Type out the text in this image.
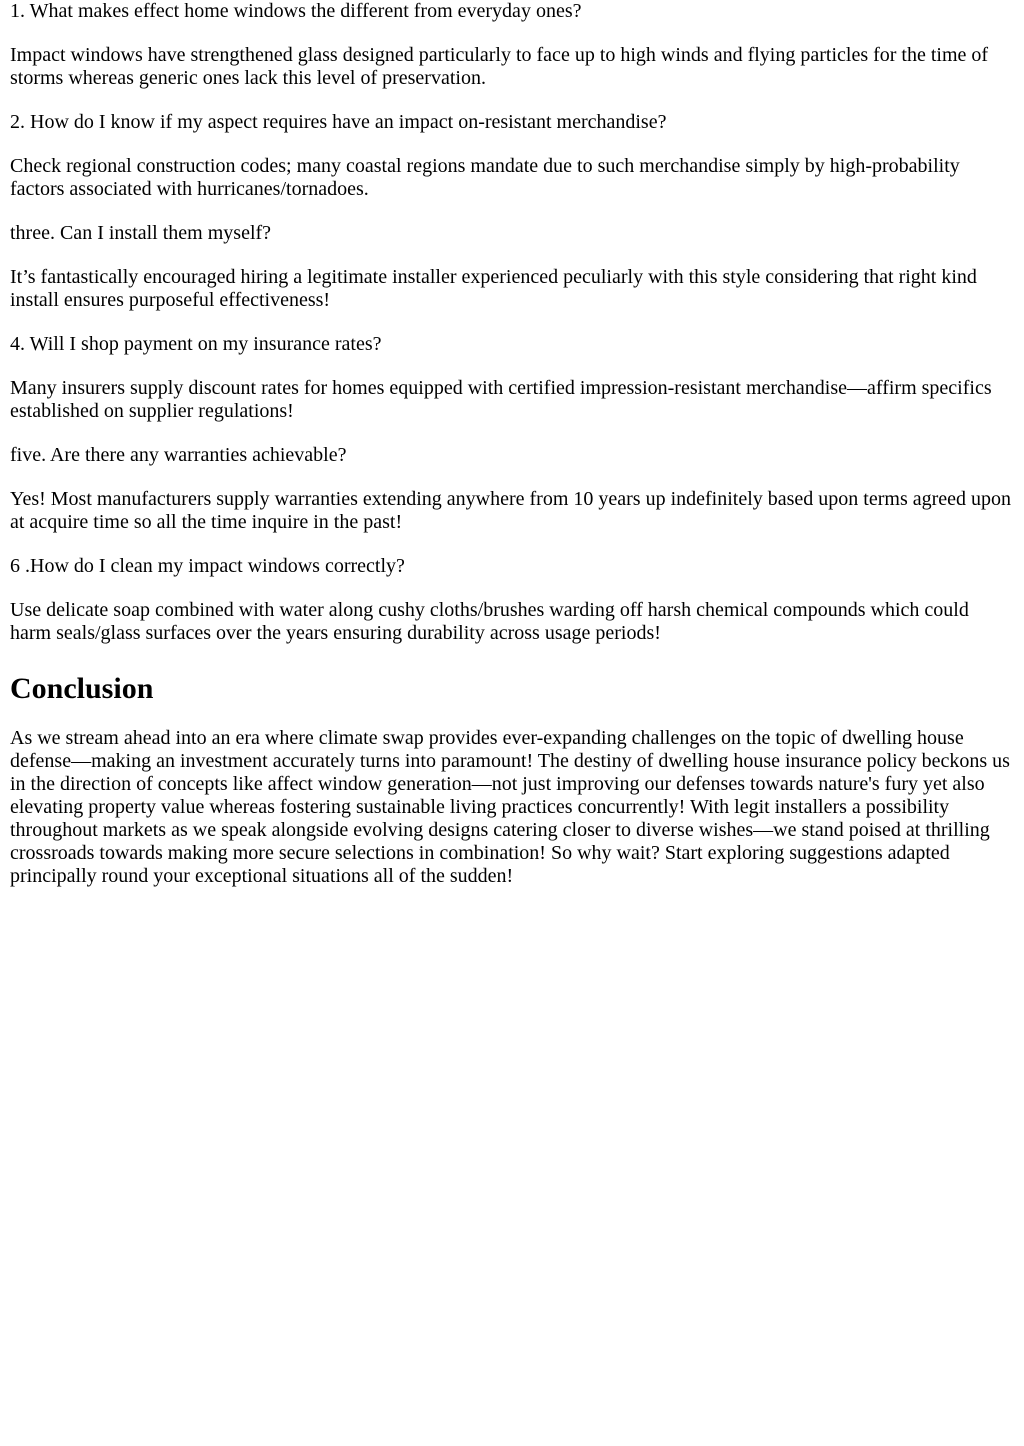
1. What makes effect home windows the different from everyday ones?

Impact windows have strengthened glass designed particularly to face up to high winds and flying particles for the time of storms whereas generic ones lack this level of preservation.

2. How do I know if my aspect requires have an impact on-resistant merchandise?

Check regional construction codes; many coastal regions mandate due to such merchandise simply by high-probability factors associated with hurricanes/tornadoes.

three. Can I install them myself?

It’s fantastically encouraged hiring a legitimate installer experienced peculiarly with this style considering that right kind install ensures purposeful effectiveness!

4. Will I shop payment on my insurance rates?

Many insurers supply discount rates for homes equipped with certified impression-resistant merchandise—affirm specifics established on supplier regulations!

five. Are there any warranties achievable?

Yes! Most manufacturers supply warranties extending anywhere from 10 years up indefinitely based upon terms agreed upon at acquire time so all the time inquire in the past!

6 .How do I clean my impact windows correctly?

Use delicate soap combined with water along cushy cloths/brushes warding off harsh chemical compounds which could harm seals/glass surfaces over the years ensuring durability across usage periods!

Conclusion

As we stream ahead into an era where climate swap provides ever-expanding challenges on the topic of dwelling house defense—making an investment accurately turns into paramount! The destiny of dwelling house insurance policy beckons us in the direction of concepts like affect window generation—not just improving our defenses towards nature's fury yet also elevating property value whereas fostering sustainable living practices concurrently! With legit installers a possibility throughout markets as we speak alongside evolving designs catering closer to diverse wishes—we stand poised at thrilling crossroads towards making more secure selections in combination! So why wait? Start exploring suggestions adapted principally round your exceptional situations all of the sudden!
